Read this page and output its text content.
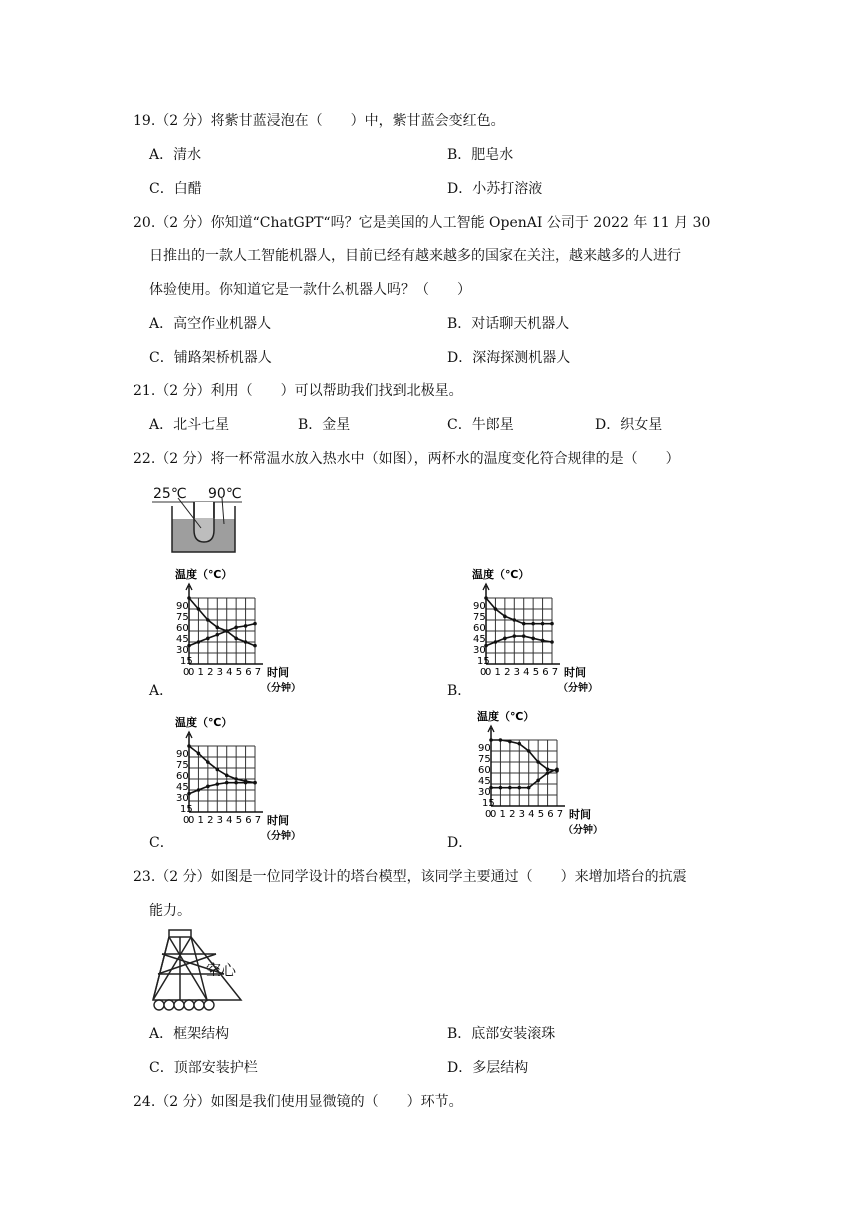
19.（2 分）将紫甘蓝浸泡在（　　）中，紫甘蓝会变红色。
A．清水	B．肥皂水
C．白醋	D．小苏打溶液
20.（2 分）你知道“ChatGPT“吗？它是美国的人工智能 OpenAI 公司于 2022 年 11 月 30
日推出的一款人工智能机器人，目前已经有越来越多的国家在关注，越来越多的人进行
体验使用。你知道它是一款什么机器人吗？（　　）
A．高空作业机器人	B．对话聊天机器人
C．铺路架桥机器人	D．深海探测机器人
21.（2 分）利用（　　）可以帮助我们找到北极星。
A．北斗七星	B．金星	C．牛郎星	D．织女星
22.（2 分）将一杯常温水放入热水中（如图），两杯水的温度变化符合规律的是（　　）
25℃ 90℃
温度（℃）
90
75
60
45
30
15
0
0 1 2 3 4 5 6 7 时间
（分钟）
A．
温度（℃）
90
75
60
45
30
15
0
0 1 2 3 4 5 6 7 时间
（分钟）
B．
温度（℃）
90
75
60
45
30
15
0
0 1 2 3 4 5 6 7 时间
（分钟）
C．
温度（℃）
90
75
60
45
30
15
0
0 1 2 3 4 5 6 7 时间
（分钟）
D．
23.（2 分）如图是一位同学设计的塔台模型，该同学主要通过（　　）来增加塔台的抗震
能力。
空心
A．框架结构	B．底部安装滚珠
C．顶部安装护栏	D．多层结构
24.（2 分）如图是我们使用显微镜的（　　）环节。
